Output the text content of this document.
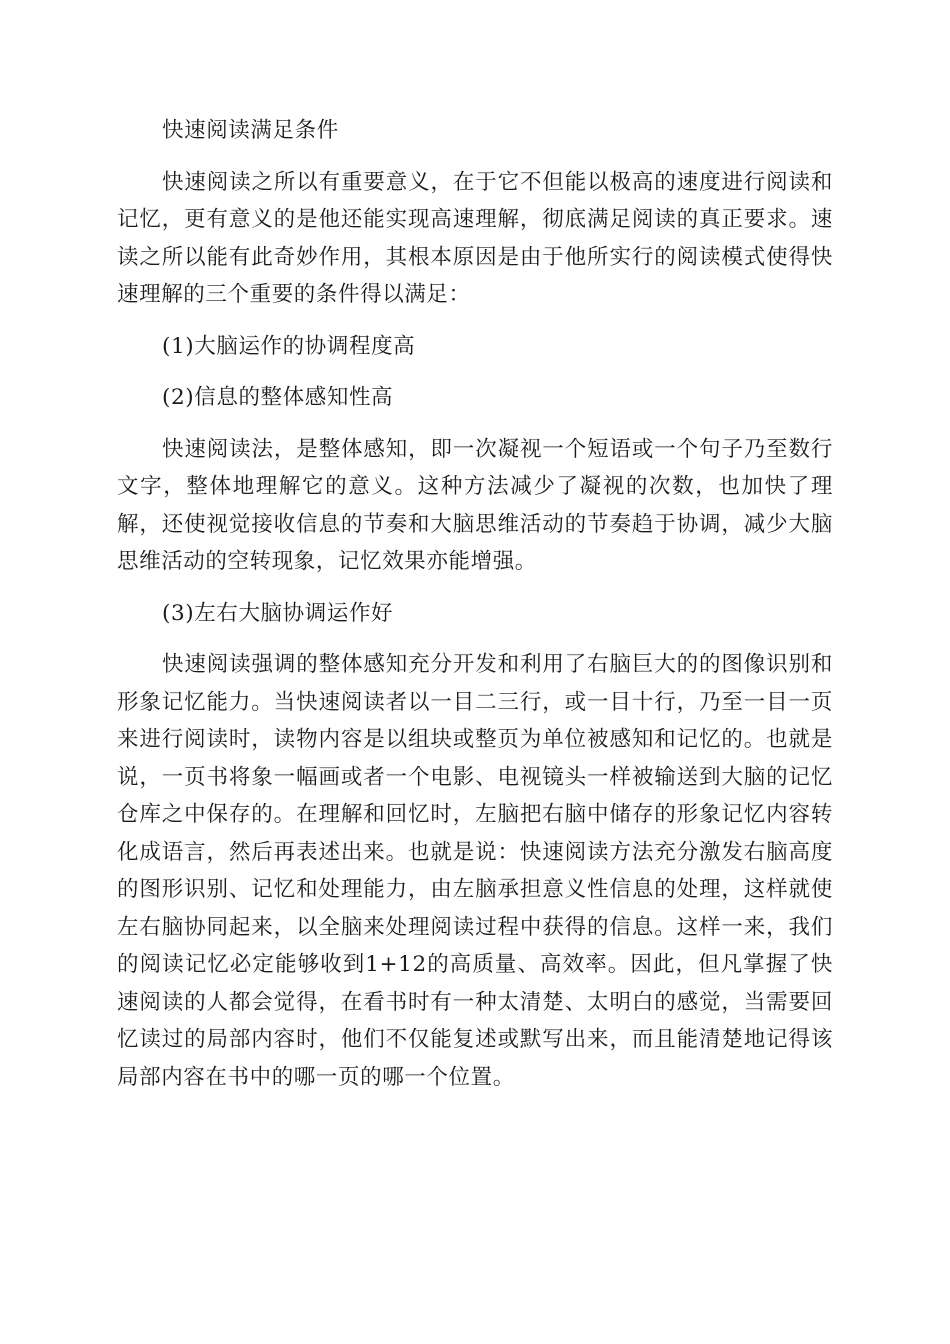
快速阅读满足条件

快速阅读之所以有重要意义，在于它不但能以极高的速度进行阅读和记忆，更有意义的是他还能实现高速理解，彻底满足阅读的真正要求。速读之所以能有此奇妙作用，其根本原因是由于他所实行的阅读模式使得快速理解的三个重要的条件得以满足：

(1)大脑运作的协调程度高

(2)信息的整体感知性高

快速阅读法，是整体感知，即一次凝视一个短语或一个句子乃至数行文字，整体地理解它的意义。这种方法减少了凝视的次数，也加快了理解，还使视觉接收信息的节奏和大脑思维活动的节奏趋于协调，减少大脑思维活动的空转现象，记忆效果亦能增强。

(3)左右大脑协调运作好

快速阅读强调的整体感知充分开发和利用了右脑巨大的的图像识别和形象记忆能力。当快速阅读者以一目二三行，或一目十行，乃至一目一页来进行阅读时，读物内容是以组块或整页为单位被感知和记忆的。也就是说，一页书将象一幅画或者一个电影、电视镜头一样被输送到大脑的记忆仓库之中保存的。在理解和回忆时，左脑把右脑中储存的形象记忆内容转化成语言，然后再表述出来。也就是说：快速阅读方法充分激发右脑高度的图形识别、记忆和处理能力，由左脑承担意义性信息的处理，这样就使左右脑协同起来，以全脑来处理阅读过程中获得的信息。这样一来，我们的阅读记忆必定能够收到1+12的高质量、高效率。因此，但凡掌握了快速阅读的人都会觉得，在看书时有一种太清楚、太明白的感觉，当需要回忆读过的局部内容时，他们不仅能复述或默写出来，而且能清楚地记得该局部内容在书中的哪一页的哪一个位置。
